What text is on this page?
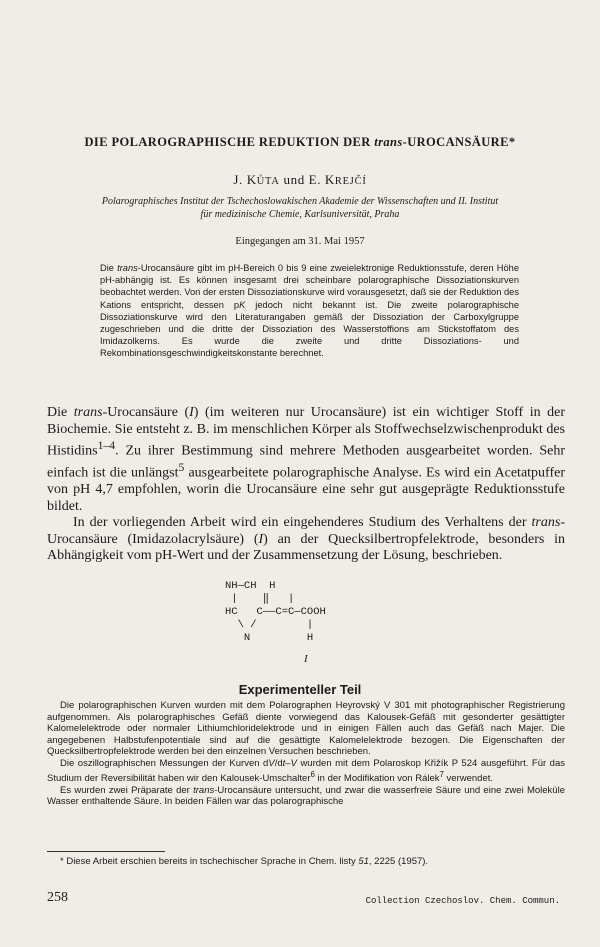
DIE POLAROGRAPHISCHE REDUKTION DER trans-UROCANSÄURE*
J. KŮTA und E. KREJČÍ
Polarographisches Institut der Tschechoslowakischen Akademie der Wissenschaften und II. Institut
für medizinische Chemie, Karlsuniversität, Praha
Eingegangen am 31. Mai 1957
Die trans-Urocansäure gibt im pH-Bereich 0 bis 9 eine zweielektronige Reduktionsstufe, deren Höhe pH-abhängig ist. Es können insgesamt drei scheinbare polarographische Dissoziationskurven beobachtet werden. Von der ersten Dissoziationskurve wird vorausgesetzt, daß sie der Reduktion des Kations entspricht, dessen pK jedoch nicht bekannt ist. Die zweite polarographische Dissoziationskurve wird den Literaturangaben gemäß der Dissoziation der Carboxylgruppe zugeschrieben und die dritte der Dissoziation des Wasserstoffions am Stickstoffatom des Imidazolkerns. Es wurde die zweite und dritte Dissoziations- und Rekombinationsgeschwindigkeitskonstante berechnet.

Die trans-Urocansäure (I) (im weiteren nur Urocansäure) ist ein wichtiger Stoff in der Biochemie. Sie entsteht z. B. im menschlichen Körper als Stoffwechselzwischenprodukt des Histidins$^{1-4}$. Zu ihrer Bestimmung sind mehrere Methoden ausgearbeitet worden. Sehr einfach ist die unlängst$^5$ ausgearbeitete polarographische Analyse. Es wird ein Acetatpuffer von pH 4,7 empfohlen, worin die Urocansäure eine sehr gut ausgeprägte Reduktionsstufe bildet.

In der vorliegenden Arbeit wird ein eingehenderes Studium des Verhaltens der trans-Urocansäure (Imidazolacrylsäure) (I) an der Quecksilbertropfelektrode, besonders in Abhängigkeit vom pH-Wert und der Zusammensetzung der Lösung, beschrieben.

NH—CH  H
|    ‖   |
HC   C——C=C—COOH
\ /        |
N         H
I
Experimenteller Teil

Die polarographischen Kurven wurden mit dem Polarographen Heyrovský V 301 mit photographischer Registrierung aufgenommen. Als polarographisches Gefäß diente vorwiegend das Kalousek-Gefäß mit gesonderter gesättigter Kalomelelektrode oder normaler Lithiumchloridelektrode und in einigen Fällen auch das Gefäß nach Majer. Die angegebenen Halbstufenpotentiale sind auf die gesättigte Kalomelelektrode bezogen. Die Eigenschaften der Quecksilbertropfelektrode werden bei den einzelnen Versuchen beschrieben.

Die oszillographischen Messungen der Kurven dV/dt–V wurden mit dem Polaroskop Křižík P 524 ausgeführt. Für das Studium der Reversibilität haben wir den Kalousek-Umschalter$^6$ in der Modifikation von Rálek$^7$ verwendet.

Es wurden zwei Präparate der trans-Urocansäure untersucht, und zwar die wasserfreie Säure und eine zwei Moleküle Wasser enthaltende Säure. In beiden Fällen war das polarographische

* Diese Arbeit erschien bereits in tschechischer Sprache in Chem. listy 51, 2225 (1957).
258	Collection Czechoslov. Chem. Commun.
